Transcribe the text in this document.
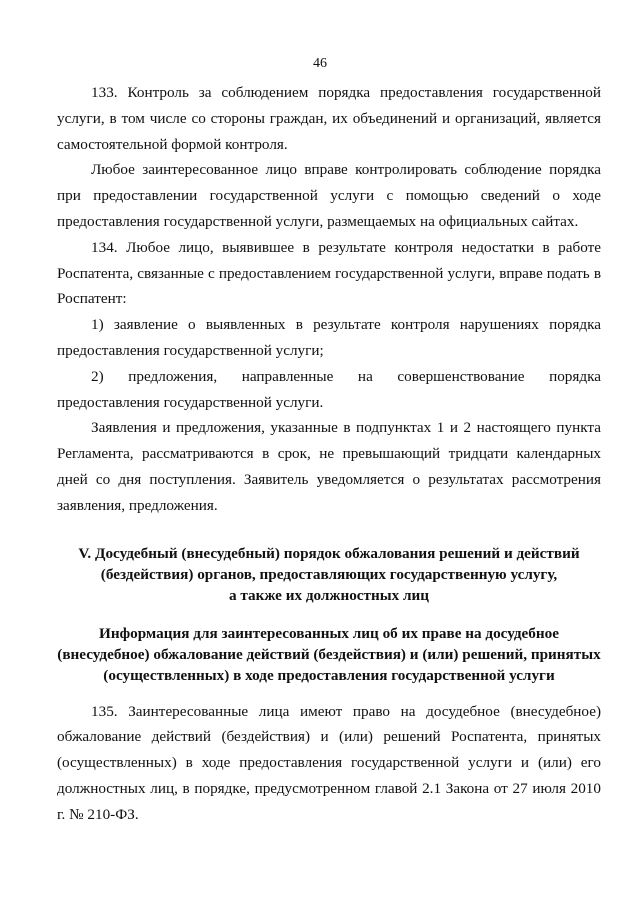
46

133. Контроль за соблюдением порядка предоставления государственной услуги, в том числе со стороны граждан, их объединений и организаций, является самостоятельной формой контроля.

Любое заинтересованное лицо вправе контролировать соблюдение порядка при предоставлении государственной услуги с помощью сведений о ходе предоставления государственной услуги, размещаемых на официальных сайтах.

134. Любое лицо, выявившее в результате контроля недостатки в работе Роспатента, связанные с предоставлением государственной услуги, вправе подать в Роспатент:

1) заявление о выявленных в результате контроля нарушениях порядка предоставления государственной услуги;

2) предложения, направленные на совершенствование порядка предоставления государственной услуги.

Заявления и предложения, указанные в подпунктах 1 и 2 настоящего пункта Регламента, рассматриваются в срок, не превышающий тридцати календарных дней со дня поступления. Заявитель уведомляется о результатах рассмотрения заявления, предложения.

V. Досудебный (внесудебный) порядок обжалования решений и действий

(бездействия) органов, предоставляющих государственную услугу,

а также их должностных лиц

Информация для заинтересованных лиц об их праве на досудебное

(внесудебное) обжалование действий (бездействия) и (или) решений, принятых

(осуществленных) в ходе предоставления государственной услуги

135. Заинтересованные лица имеют право на досудебное (внесудебное) обжалование действий (бездействия) и (или) решений Роспатента, принятых (осуществленных) в ходе предоставления государственной услуги и (или) его должностных лиц, в порядке, предусмотренном главой 2.1 Закона от 27 июля 2010 г. № 210-ФЗ.
